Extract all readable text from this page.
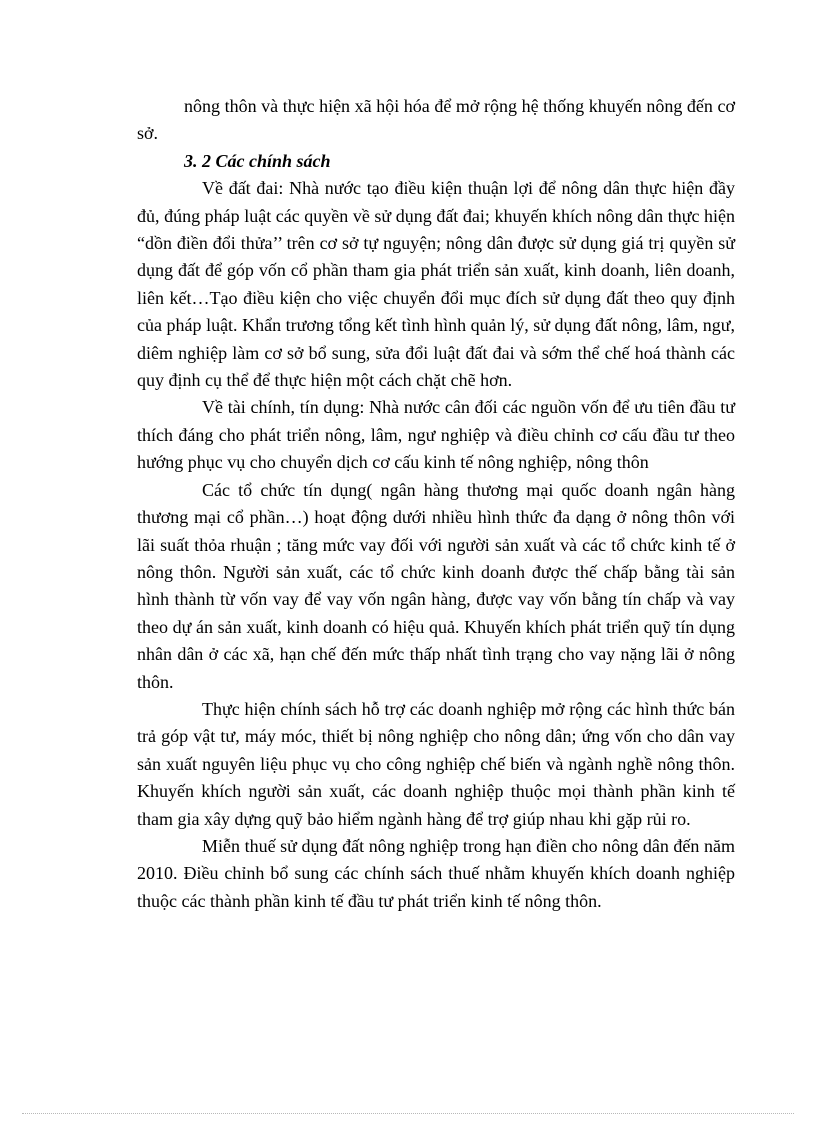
nông thôn và thực hiện xã hội hóa để mở rộng hệ thống khuyến nông đến cơ sở.

3. 2 Các chính sách

Về đất đai: Nhà nước tạo điều kiện thuận lợi để nông dân thực hiện đầy đủ, đúng pháp luật các quyền về sử dụng đất đai; khuyến khích nông dân thực hiện “dồn điền đổi thửa’’ trên cơ sở tự nguyện; nông dân được sử dụng giá trị quyền sử dụng đất để góp vốn cổ phần tham gia phát triển sản xuất, kinh doanh, liên doanh, liên kết…Tạo điều kiện cho việc chuyển đổi mục đích sử dụng đất theo quy định của pháp luật. Khẩn trương tổng kết tình hình quản lý, sử dụng đất nông, lâm, ngư, diêm nghiệp làm cơ sở bổ sung, sửa đổi luật đất đai và sớm thể chế hoá thành các quy định cụ thể để thực hiện một cách chặt chẽ hơn.

Về tài chính, tín dụng: Nhà nước cân đối các nguồn vốn để ưu tiên đầu tư thích đáng cho phát triển nông, lâm, ngư nghiệp và điều chỉnh cơ cấu đầu tư theo hướng phục vụ cho chuyển dịch cơ cấu kinh tế nông nghiệp, nông thôn

Các tổ chức tín dụng( ngân hàng thương mại quốc doanh ngân hàng thương mại cổ phần…) hoạt động dưới nhiều hình thức đa dạng ở nông thôn với lãi suất thỏa rhuận ; tăng mức vay đối với người sản xuất và các tổ chức kinh tế ở nông thôn. Người sản xuất, các tổ chức kinh doanh được thế chấp bằng tài sản hình thành từ vốn vay để vay vốn ngân hàng, được vay vốn bằng tín chấp và vay theo dự án sản xuất, kinh doanh có hiệu quả. Khuyến khích phát triển quỹ tín dụng nhân dân ở các xã, hạn chế đến mức thấp nhất tình trạng cho vay nặng lãi ở nông thôn.

Thực hiện chính sách hỗ trợ các doanh nghiệp mở rộng các hình thức bán trả góp vật tư, máy móc, thiết bị nông nghiệp cho nông dân; ứng vốn cho dân vay sản xuất nguyên liệu phục vụ cho công nghiệp chế biến và ngành nghề nông thôn. Khuyến khích người sản xuất, các doanh nghiệp thuộc mọi thành phần kinh tế tham gia xây dựng quỹ bảo hiểm ngành hàng để trợ giúp nhau khi gặp rủi ro.

Miễn thuế sử dụng đất nông nghiệp trong hạn điền cho nông dân đến năm 2010. Điều chỉnh bổ sung các chính sách thuế nhằm khuyến khích doanh nghiệp thuộc các thành phần kinh tế đầu tư phát triển kinh tế nông thôn.
